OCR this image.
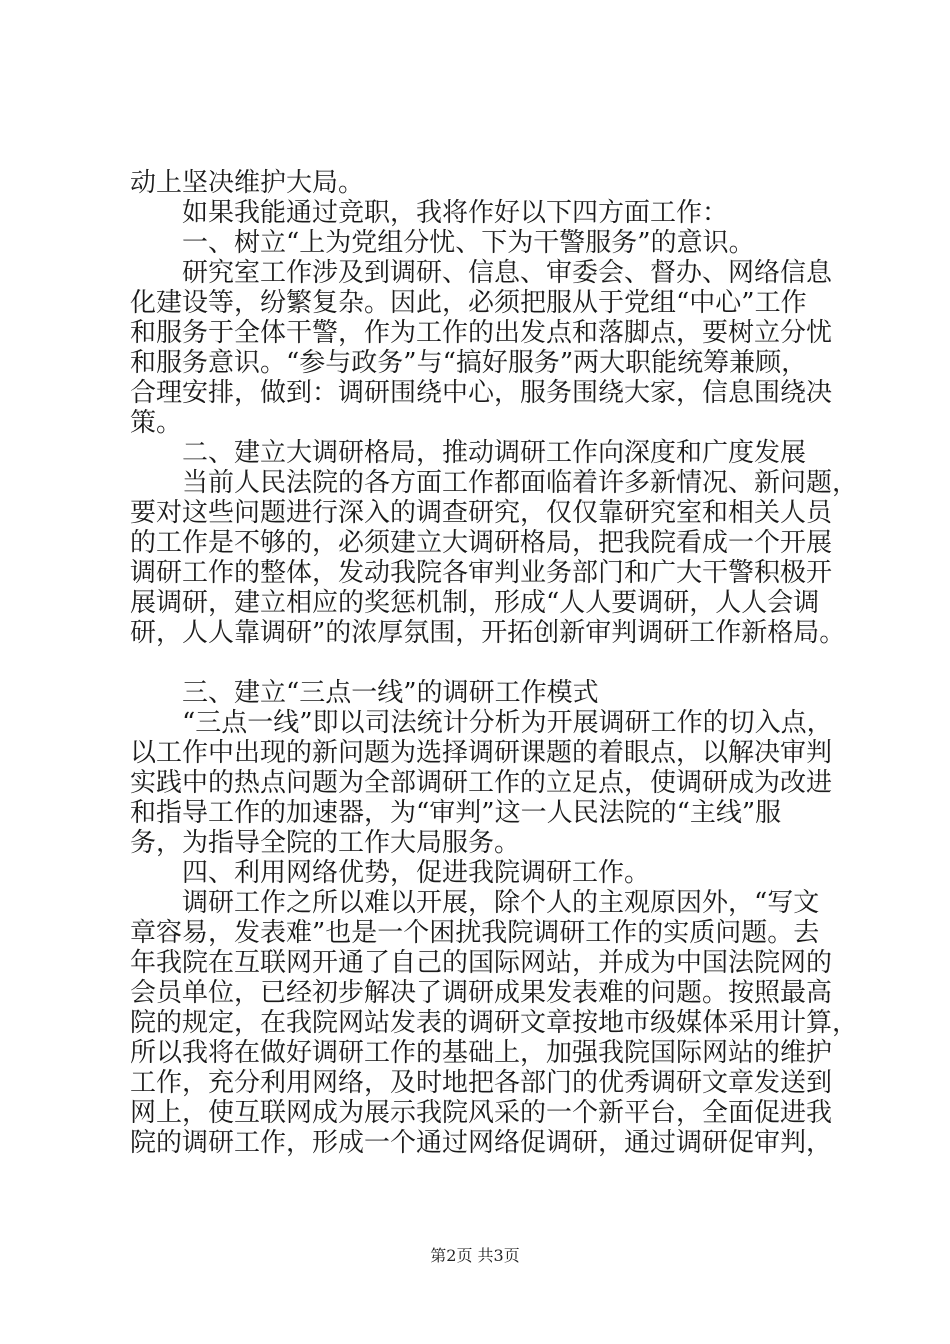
动上坚决维护大局。
如果我能通过竞职，我将作好以下四方面工作：
一、树立“上为党组分忧、下为干警服务”的意识。
研究室工作涉及到调研、信息、审委会、督办、网络信息
化建设等，纷繁复杂。因此，必须把服从于党组“中心”工作
和服务于全体干警，作为工作的出发点和落脚点，要树立分忧
和服务意识。“参与政务”与“搞好服务”两大职能统筹兼顾，
合理安排，做到：调研围绕中心，服务围绕大家，信息围绕决
策。
二、建立大调研格局，推动调研工作向深度和广度发展
当前人民法院的各方面工作都面临着许多新情况、新问题，
要对这些问题进行深入的调查研究，仅仅靠研究室和相关人员
的工作是不够的，必须建立大调研格局，把我院看成一个开展
调研工作的整体，发动我院各审判业务部门和广大干警积极开
展调研，建立相应的奖惩机制，形成“人人要调研，人人会调
研，人人靠调研”的浓厚氛围，开拓创新审判调研工作新格局。
三、建立“三点一线”的调研工作模式
“三点一线”即以司法统计分析为开展调研工作的切入点，
以工作中出现的新问题为选择调研课题的着眼点，以解决审判
实践中的热点问题为全部调研工作的立足点，使调研成为改进
和指导工作的加速器，为“审判”这一人民法院的“主线”服
务，为指导全院的工作大局服务。
四、利用网络优势，促进我院调研工作。
调研工作之所以难以开展，除个人的主观原因外，“写文
章容易，发表难”也是一个困扰我院调研工作的实质问题。去
年我院在互联网开通了自己的国际网站，并成为中国法院网的
会员单位，已经初步解决了调研成果发表难的问题。按照最高
院的规定，在我院网站发表的调研文章按地市级媒体采用计算，
所以我将在做好调研工作的基础上，加强我院国际网站的维护
工作，充分利用网络，及时地把各部门的优秀调研文章发送到
网上，使互联网成为展示我院风采的一个新平台，全面促进我
院的调研工作，形成一个通过网络促调研，通过调研促审判，
第2页 共3页
